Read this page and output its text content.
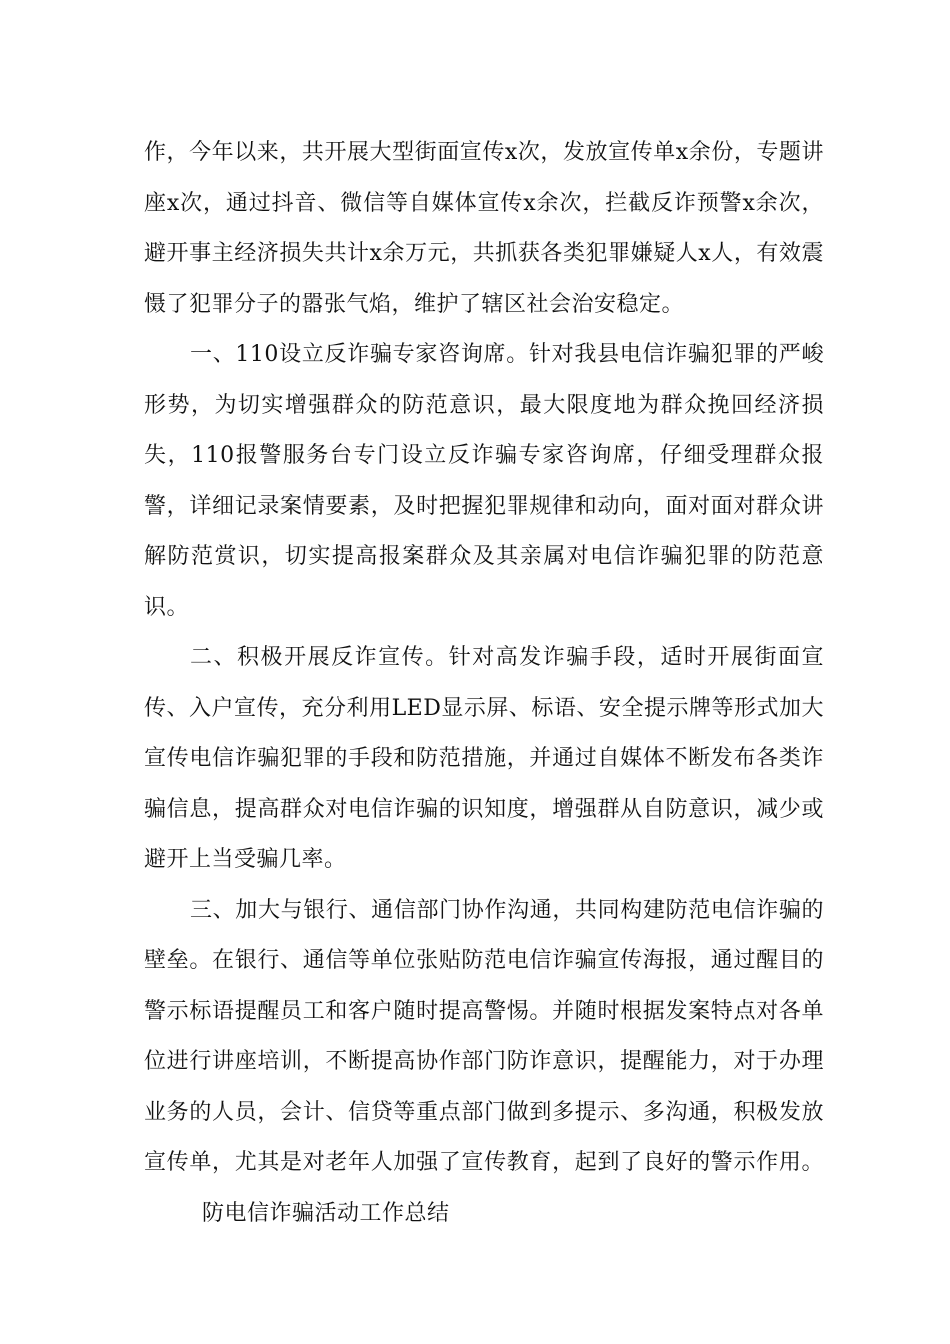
作，今年以来，共开展大型街面宣传x次，发放宣传单x余份，专题讲座x次，通过抖音、微信等自媒体宣传x余次，拦截反诈预警x余次，避开事主经济损失共计x余万元，共抓获各类犯罪嫌疑人x人，有效震慑了犯罪分子的嚣张气焰，维护了辖区社会治安稳定。

一、110设立反诈骗专家咨询席。针对我县电信诈骗犯罪的严峻形势，为切实增强群众的防范意识，最大限度地为群众挽回经济损失，110报警服务台专门设立反诈骗专家咨询席，仔细受理群众报警，详细记录案情要素，及时把握犯罪规律和动向，面对面对群众讲解防范赏识，切实提高报案群众及其亲属对电信诈骗犯罪的防范意识。

二、积极开展反诈宣传。针对高发诈骗手段，适时开展街面宣传、入户宣传，充分利用LED显示屏、标语、安全提示牌等形式加大宣传电信诈骗犯罪的手段和防范措施，并通过自媒体不断发布各类诈骗信息，提高群众对电信诈骗的识知度，增强群从自防意识，减少或避开上当受骗几率。

三、加大与银行、通信部门协作沟通，共同构建防范电信诈骗的壁垒。在银行、通信等单位张贴防范电信诈骗宣传海报，通过醒目的警示标语提醒员工和客户随时提高警惕。并随时根据发案特点对各单位进行讲座培训，不断提高协作部门防诈意识，提醒能力，对于办理业务的人员，会计、信贷等重点部门做到多提示、多沟通，积极发放宣传单，尤其是对老年人加强了宣传教育，起到了良好的警示作用。防电信诈骗活动工作总结
